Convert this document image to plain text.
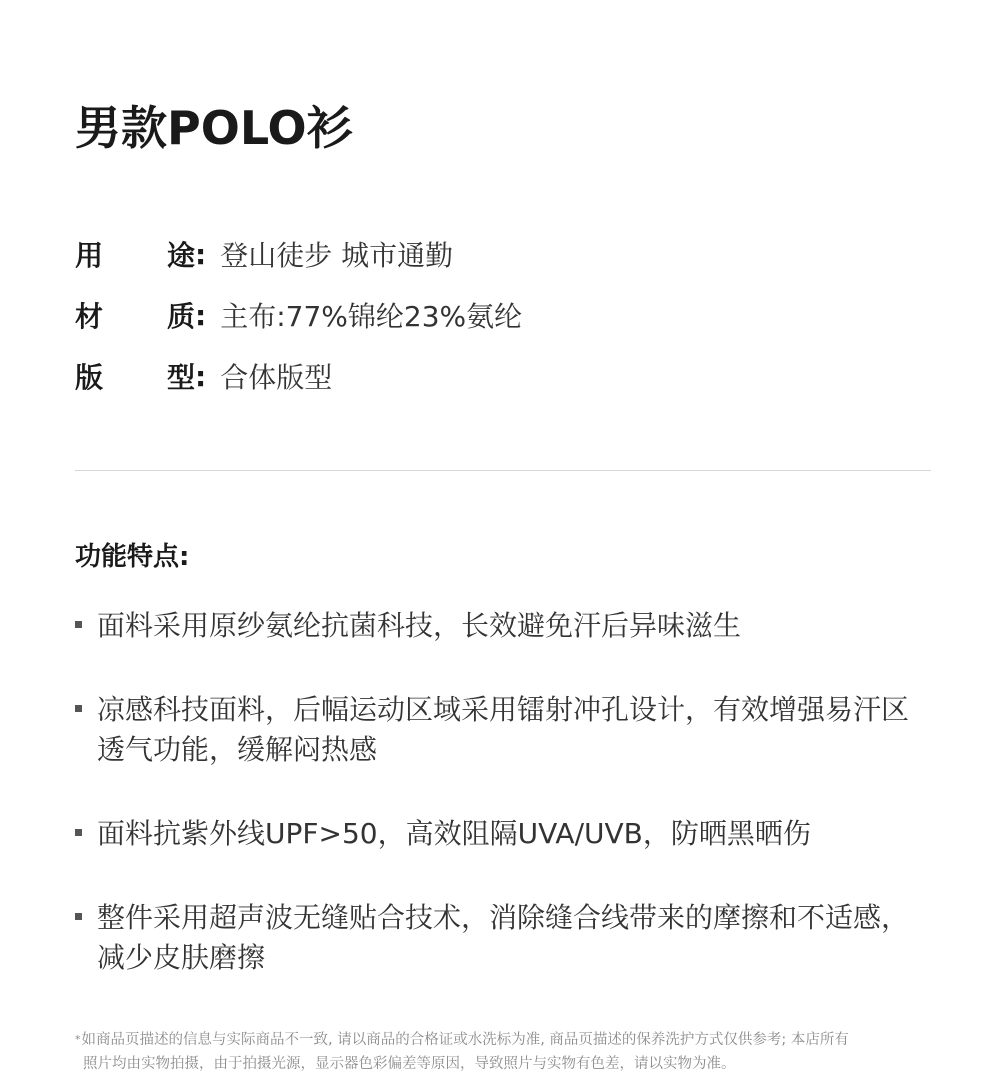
男款POLO衫
用	途 : 登山徒步 城市通勤
材	质 : 主布:77%锦纶23%氨纶
版	型 : 合体版型
功能特点:
面料采用原纱氨纶抗菌科技，长效避免汗后异味滋生
凉感科技面料，后幅运动区域采用镭射冲孔设计，有效增强易汗区透气功能，缓解闷热感
面料抗紫外线UPF>50，高效阻隔UVA/UVB，防晒黑晒伤
整件采用超声波无缝贴合技术，消除缝合线带来的摩擦和不适感，减少皮肤磨擦
*如商品页描述的信息与实际商品不一致, 请以商品的合格证或水洗标为准, 商品页描述的保养洗护方式仅供参考; 本店所有
照片均由实物拍摄，由于拍摄光源，显示器色彩偏差等原因，导致照片与实物有色差，请以实物为准。
